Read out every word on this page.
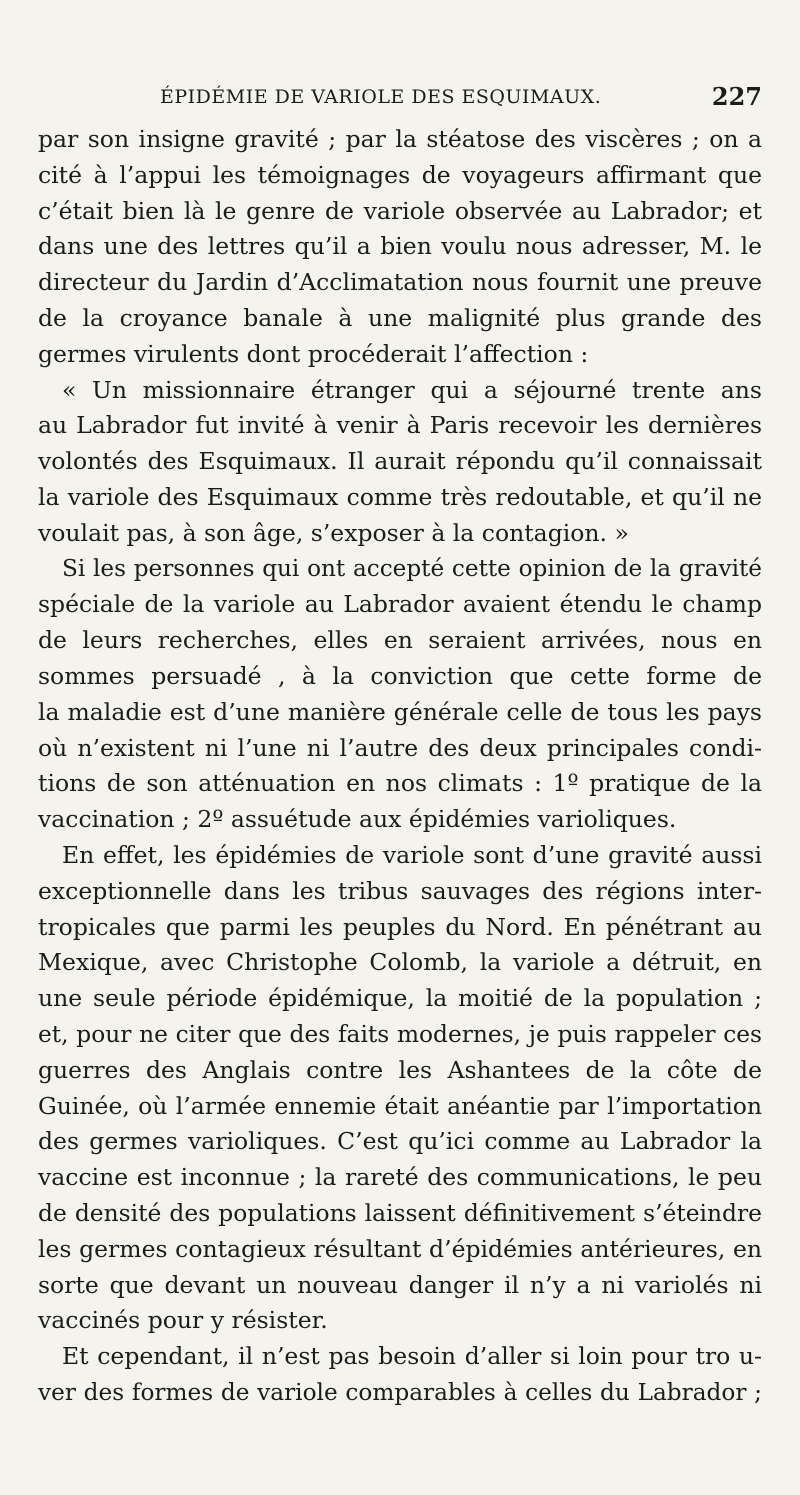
ÉPIDÉMIE DE VARIOLE DES ESQUIMAUX.	227
par son insigne gravité ; par la stéatose des viscères ; on a
cité à l’appui les témoignages de voyageurs affirmant que
c’était bien là le genre de variole observée au Labrador; et
dans une des lettres qu’il a bien voulu nous adresser, M. le
directeur du Jardin d’Acclimatation nous fournit une preuve
de la croyance banale à une malignité plus grande des
germes virulents dont procéderait l’affection :
« Un missionnaire étranger qui a séjourné trente ans
au Labrador fut invité à venir à Paris recevoir les dernières
volontés des Esquimaux. Il aurait répondu qu’il connaissait
la variole des Esquimaux comme très redoutable, et qu’il ne
voulait pas, à son âge, s’exposer à la contagion. »
Si les personnes qui ont accepté cette opinion de la gravité
spéciale de la variole au Labrador avaient étendu le champ
de leurs recherches, elles en seraient arrivées, nous en
sommes persuadé , à la conviction que cette forme de
la maladie est d’une manière générale celle de tous les pays
où n’existent ni l’une ni l’autre des deux principales condi-
tions de son atténuation en nos climats : 1º pratique de la
vaccination ; 2º assuétude aux épidémies varioliques.
En effet, les épidémies de variole sont d’une gravité aussi
exceptionnelle dans les tribus sauvages des régions inter-
tropicales que parmi les peuples du Nord. En pénétrant au
Mexique, avec Christophe Colomb, la variole a détruit, en
une seule période épidémique, la moitié de la population ;
et, pour ne citer que des faits modernes, je puis rappeler ces
guerres des Anglais contre les Ashantees de la côte de
Guinée, où l’armée ennemie était anéantie par l’importation
des germes varioliques. C’est qu’ici comme au Labrador la
vaccine est inconnue ; la rareté des communications, le peu
de densité des populations laissent définitivement s’éteindre
les germes contagieux résultant d’épidémies antérieures, en
sorte que devant un nouveau danger il n’y a ni variolés ni
vaccinés pour y résister.
Et cependant, il n’est pas besoin d’aller si loin pour tro u-
ver des formes de variole comparables à celles du Labrador ;
